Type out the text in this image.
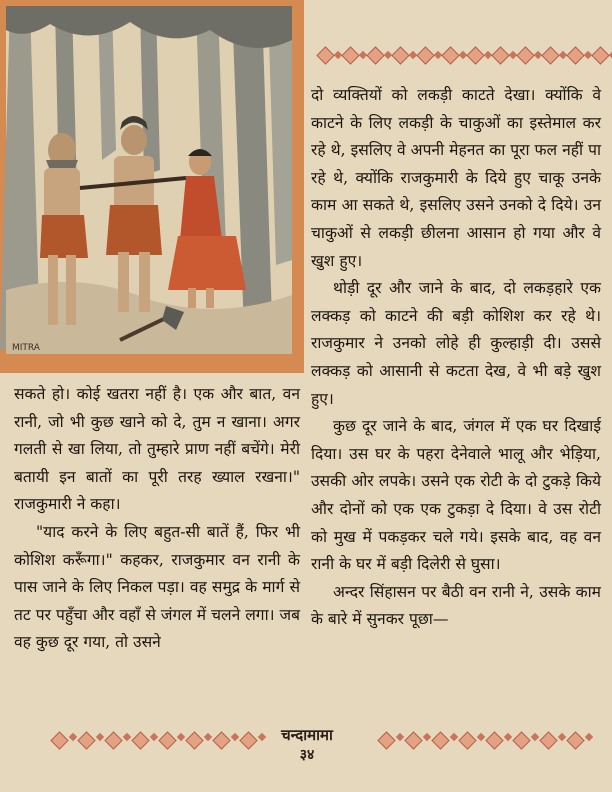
MITRA

दो व्यक्तियों को लकड़ी काटते देखा। क्योंकि वे काटने के लिए लकड़ी के चाकुओं का इस्तेमाल कर रहे थे, इसलिए वे अपनी मेहनत का पूरा फल नहीं पा रहे थे, क्योंकि राजकुमारी के दिये हुए चाकू उनके काम आ सकते थे, इसलिए उसने उनको दे दिये। उन चाकुओं से लकड़ी छीलना आसान हो गया और वे खुश हुए।

थोड़ी दूर और जाने के बाद, दो लकड़हारे एक लक्कड़ को काटने की बड़ी कोशिश कर रहे थे। राजकुमार ने उनको लोहे ही कुल्हाड़ी दी। उससे लक्कड़ को आसानी से कटता देख, वे भी बड़े खुश हुए।

कुछ दूर जाने के बाद, जंगल में एक घर दिखाई दिया। उस घर के पहरा देनेवाले भालू और भेड़िया, उसकी ओर लपके। उसने एक रोटी के दो टुकड़े किये और दोनों को एक एक टुकड़ा दे दिया। वे उस रोटी को मुख में पकड़कर चले गये। इसके बाद, वह वन रानी के घर में बड़ी दिलेरी से घुसा।

अन्दर सिंहासन पर बैठी वन रानी ने, उसके काम के बारे में सुनकर पूछा—

सकते हो। कोई खतरा नहीं है। एक और बात, वन रानी, जो भी कुछ खाने को दे, तुम न खाना। अगर गलती से खा लिया, तो तुम्हारे प्राण नहीं बचेंगे। मेरी बतायी इन बातों का पूरी तरह ख्याल रखना।" राजकुमारी ने कहा।

"याद करने के लिए बहुत-सी बातें हैं, फिर भी कोशिश करूँगा।" कहकर, राजकुमार वन रानी के पास जाने के लिए निकल पड़ा। वह समुद्र के मार्ग से तट पर पहुँचा और वहाँ से जंगल में चलने लगा। जब वह कुछ दूर गया, तो उसने

चन्दामामा
३४
